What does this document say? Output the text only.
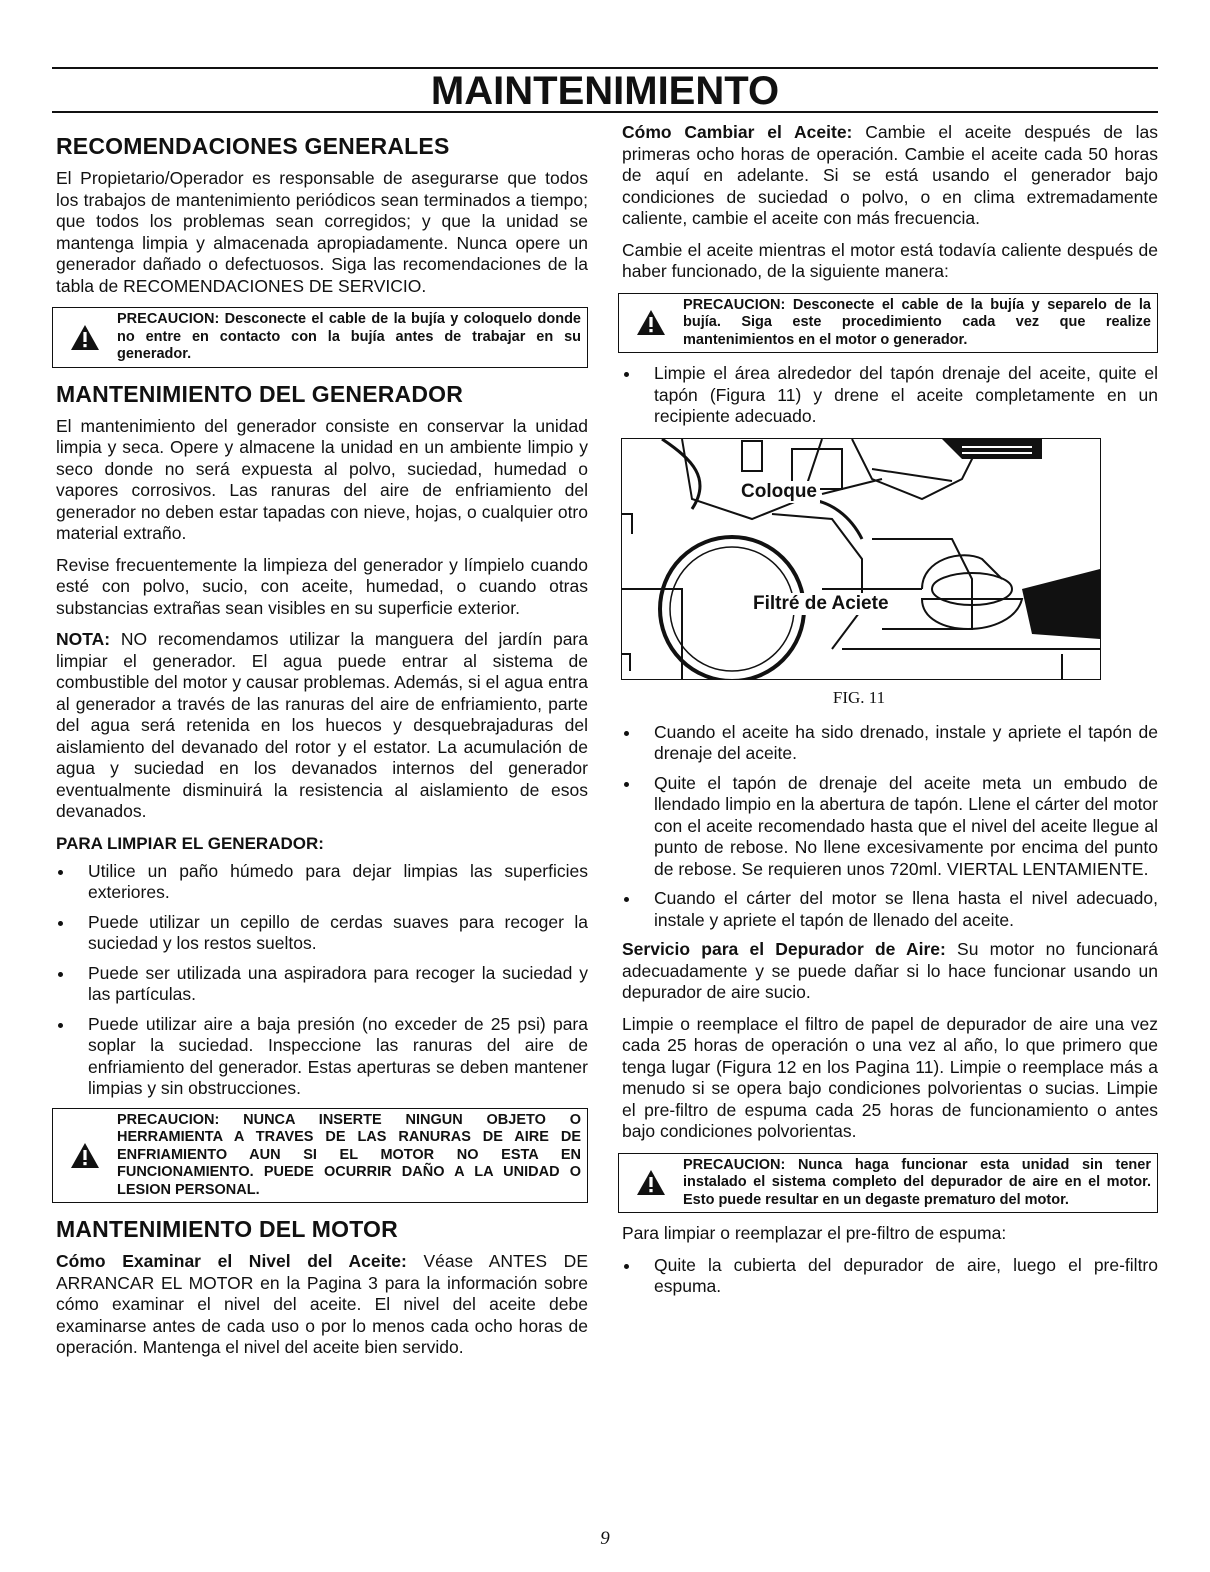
MAINTENIMIENTO
RECOMENDACIONES GENERALES

El Propietario/Operador es responsable de asegurarse que todos los trabajos de mantenimiento periódicos sean terminados a tiempo; que todos los problemas sean corregidos; y que la unidad se mantenga limpia y almacenada apropiadamente. Nunca opere un generador dañado o defectuosos. Siga las recomendaciones de la tabla de RECOMENDACIONES DE SERVICIO.

PRECAUCION: Desconecte el cable de la bujía y coloquelo donde no entre en contacto con la bujía antes de trabajar en su generador.
MANTENIMIENTO DEL GENERADOR

El mantenimiento del generador consiste en conservar la unidad limpia y seca. Opere y almacene la unidad en un ambiente limpio y seco donde no será expuesta al polvo, suciedad, humedad o vapores corrosivos. Las ranuras del aire de enfriamiento del generador no deben estar tapadas con nieve, hojas, o cualquier otro material extraño.

Revise frecuentemente la limpieza del generador y límpielo cuando esté con polvo, sucio, con aceite, humedad, o cuando otras substancias extrañas sean visibles en su superficie exterior.

NOTA: NO recomendamos utilizar la manguera del jardín para limpiar el generador. El agua puede entrar al sistema de combustible del motor y causar problemas. Además, si el agua entra al generador a través de las ranuras del aire de enfriamiento, parte del agua será retenida en los huecos y desquebrajaduras del aislamiento del devanado del rotor y el estator. La acumulación de agua y suciedad en los devanados internos del generador eventualmente disminuirá la resistencia al aislamiento de esos devanados.

PARA LIMPIAR EL GENERADOR:
Utilice un paño húmedo para dejar limpias las superficies exteriores.
Puede utilizar un cepillo de cerdas suaves para recoger la suciedad y los restos sueltos.
Puede ser utilizada una aspiradora para recoger la suciedad y las partículas.
Puede utilizar aire a baja presión (no exceder de 25 psi) para soplar la suciedad. Inspeccione las ranuras del aire de enfriamiento del generador. Estas aperturas se deben mantener limpias y sin obstrucciones.
PRECAUCION: NUNCA INSERTE NINGUN OBJETO O HERRAMIENTA A TRAVES DE LAS RANURAS DE AIRE DE ENFRIAMIENTO AUN SI EL MOTOR NO ESTA EN FUNCIONAMIENTO. PUEDE OCURRIR DAÑO A LA UNIDAD O LESION PERSONAL.
MANTENIMIENTO DEL MOTOR

Cómo Examinar el Nivel del Aceite: Véase ANTES DE ARRANCAR EL MOTOR en la Pagina 3 para la información sobre cómo examinar el nivel del aceite. El nivel del aceite debe examinarse antes de cada uso o por lo menos cada ocho horas de operación. Mantenga el nivel del aceite bien servido.

Cómo Cambiar el Aceite: Cambie el aceite después de las primeras ocho horas de operación. Cambie el aceite cada 50 horas de aquí en adelante. Si se está usando el generador bajo condiciones de suciedad o polvo, o en clima extremadamente caliente, cambie el aceite con más frecuencia.

Cambie el aceite mientras el motor está todavía caliente después de haber funcionado, de la siguiente manera:

PRECAUCION: Desconecte el cable de la bujía y separelo de la bujía. Siga este procedimiento cada vez que realize mantenimientos en el motor o generador.
Limpie el área alrededor del tapón drenaje del aceite, quite el tapón (Figura 11) y drene el aceite completamente en un recipiente adecuado.
Coloque
Filtré de Aciete
FIG. 11
Cuando el aceite ha sido drenado, instale y apriete el tapón de drenaje del aceite.
Quite el tapón de drenaje del aceite meta un embudo de llendado limpio en la abertura de tapón. Llene el cárter del motor con el aceite recomendado hasta que el nivel del aceite llegue al punto de rebose. No llene excesivamente por encima del punto de rebose. Se requieren unos 720ml. VIERTAL LENTAMIENTE.
Cuando el cárter del motor se llena hasta el nivel adecuado, instale y apriete el tapón de llenado del aceite.

Servicio para el Depurador de Aire: Su motor no funcionará adecuadamente y se puede dañar si lo hace funcionar usando un depurador de aire sucio.

Limpie o reemplace el filtro de papel de depurador de aire una vez cada 25 horas de operación o una vez al año, lo que primero que tenga lugar (Figura 12 en los Pagina 11). Limpie o reemplace más a menudo si se opera bajo condiciones polvorientas o sucias. Limpie el pre-filtro de espuma cada 25 horas de funcionamiento o antes bajo condiciones polvorientas.

PRECAUCION: Nunca haga funcionar esta unidad sin tener instalado el sistema completo del depurador de aire en el motor. Esto puede resultar en un degaste prematuro del motor.

Para limpiar o reemplazar el pre-filtro de espuma:

Quite la cubierta del depurador de aire, luego el pre-filtro espuma.
9
